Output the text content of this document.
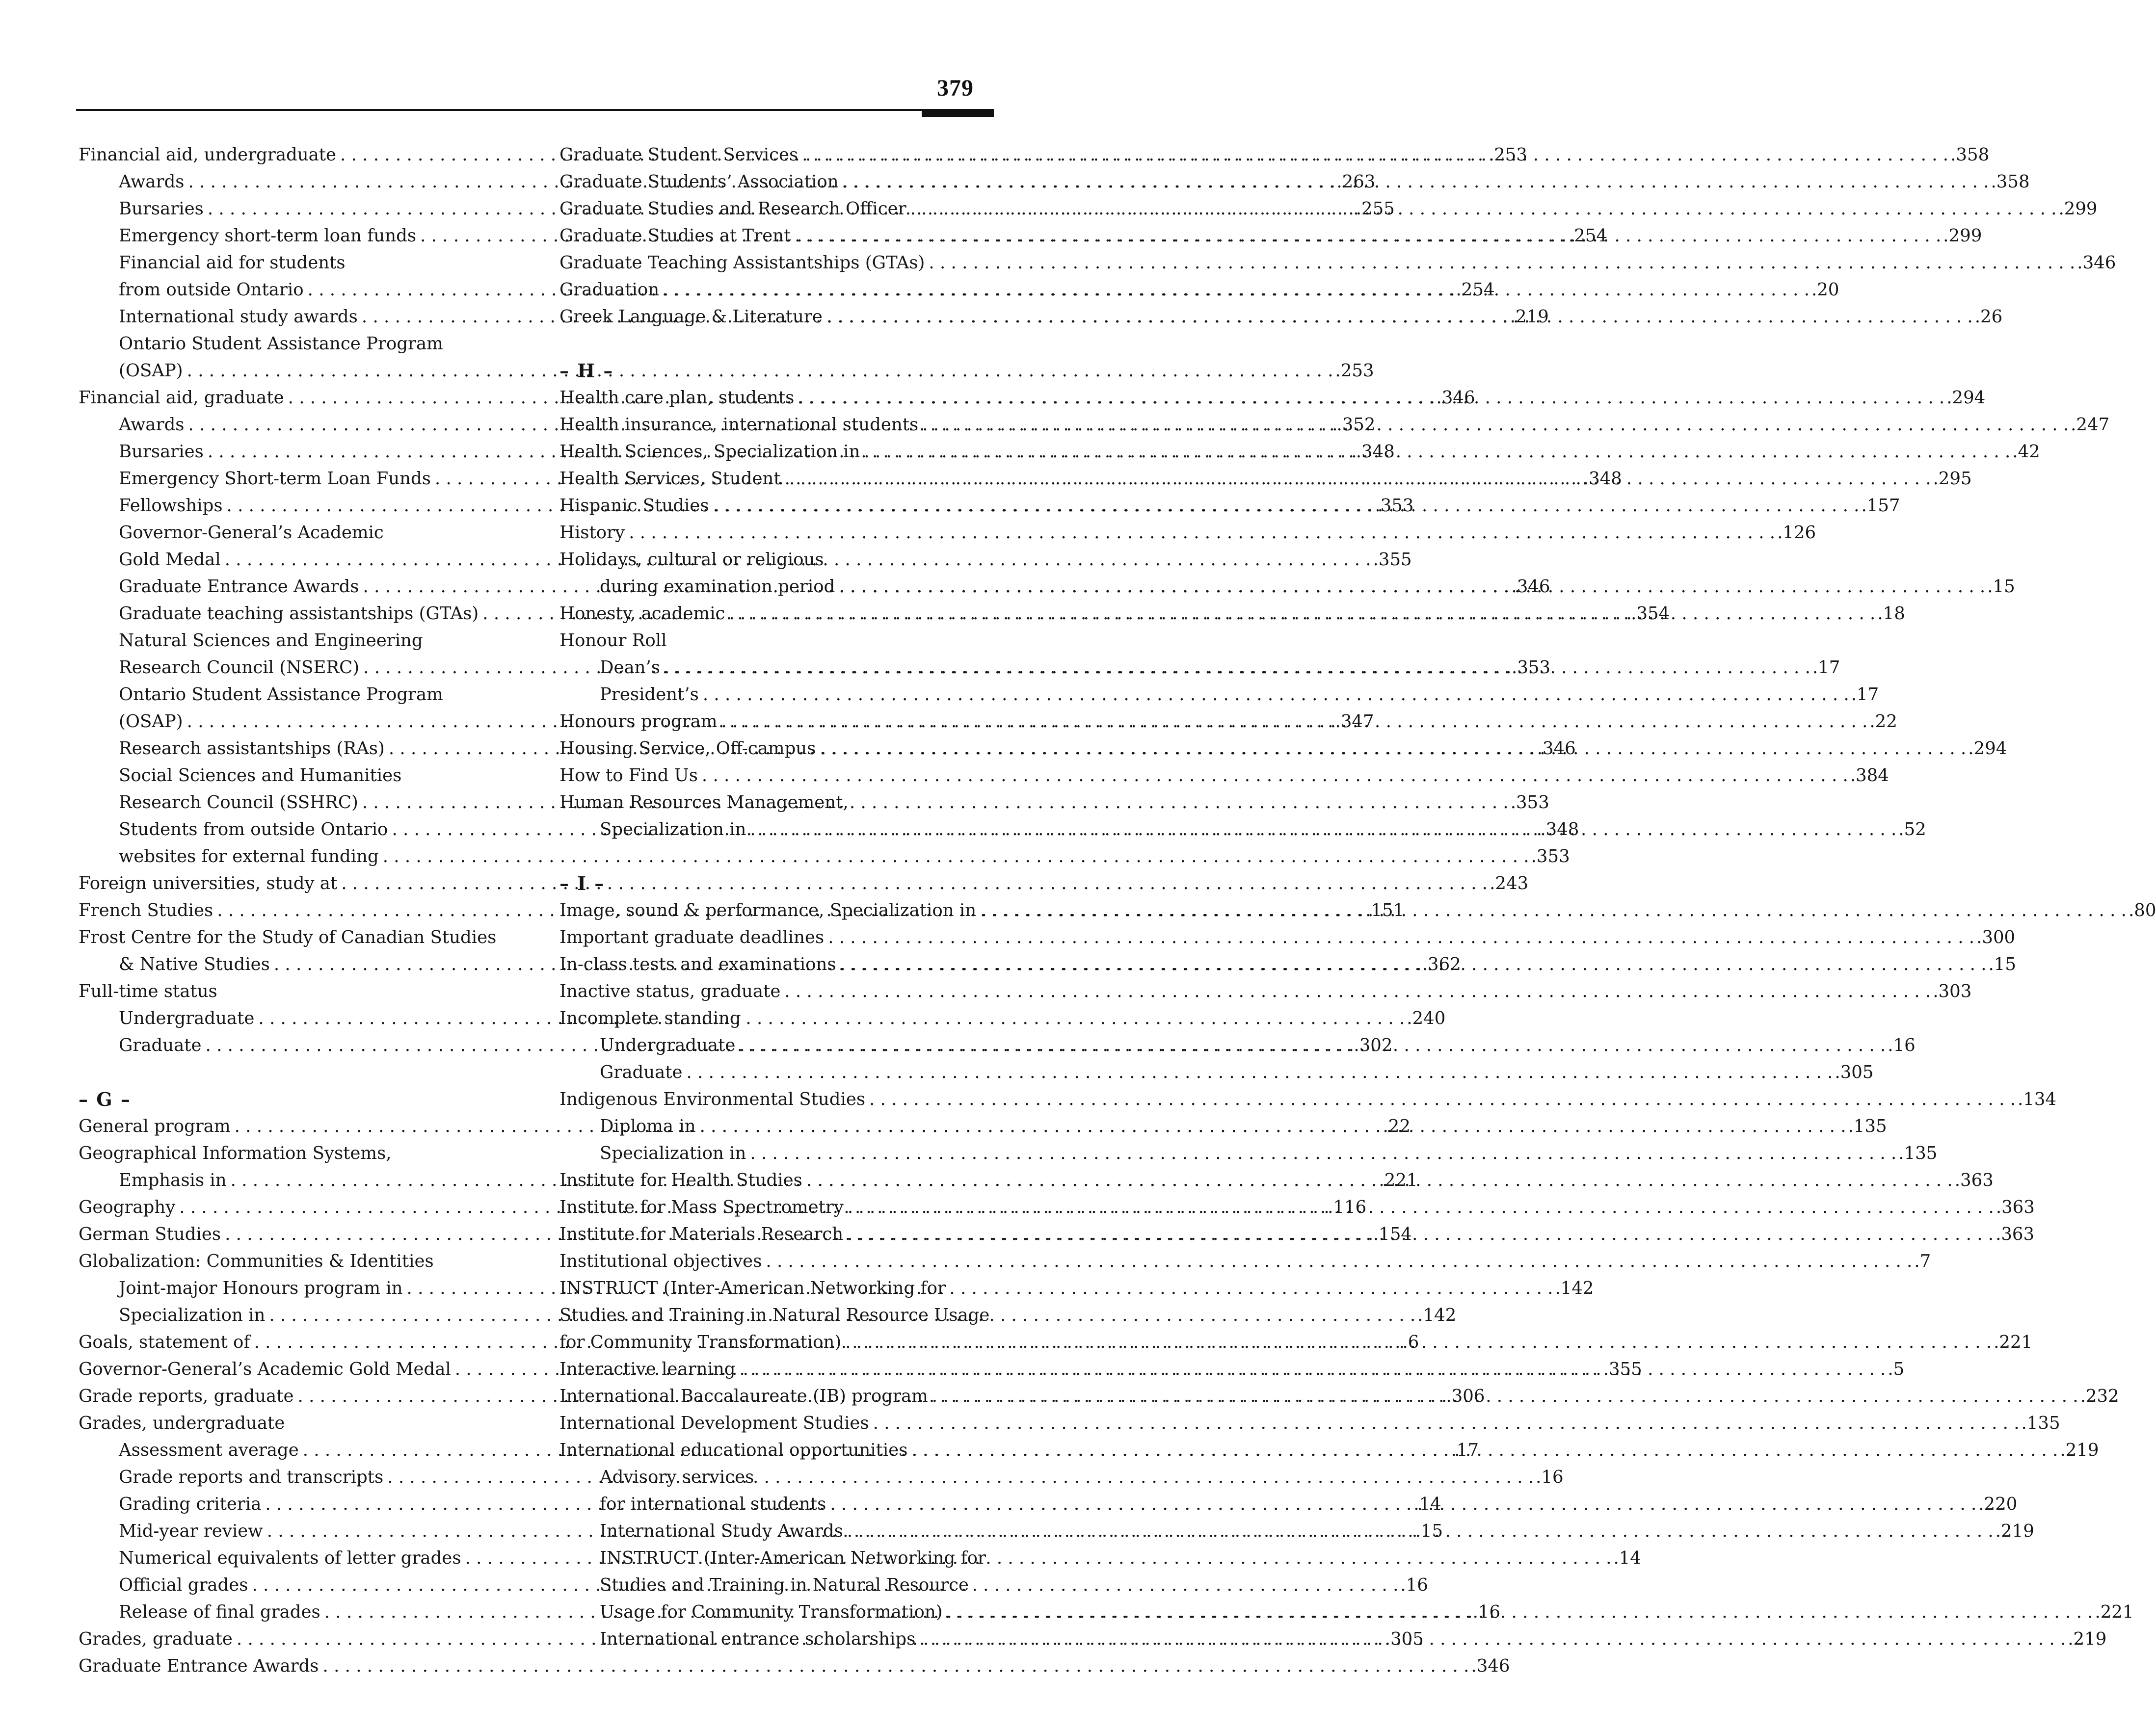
379
Financial aid, undergraduate . . .	.253
Awards . . .	.263
Bursaries . . .	.255
Emergency short-term loan funds . . .	.254
Financial aid for students
from outside Ontario . . .	.254
International study awards . . .	.219
Ontario Student Assistance Program
(OSAP) . . .	.253
Financial aid, graduate . . .	.346
Awards . . .	.352
Bursaries . . .	.348
Emergency Short-term Loan Funds . . .	.348
Fellowships . . .	.353
Governor-General’s Academic
Gold Medal . . .	.355
Graduate Entrance Awards . . .	.346
Graduate teaching assistantships (GTAs) . . .	.354
Natural Sciences and Engineering
Research Council (NSERC) . . .	.353
Ontario Student Assistance Program
(OSAP) . . .	.347
Research assistantships (RAs) . . .	.346
Social Sciences and Humanities
Research Council (SSHRC) . . .	.353
Students from outside Ontario . . .	.348
websites for external funding . . .	.353
Foreign universities, study at . . .	.243
French Studies . . .	.151
Frost Centre for the Study of Canadian Studies
& Native Studies . . .	.362
Full-time status
Undergraduate . . .	.240
Graduate . . .	.302
– G –
General program . . .	.22
Geographical Information Systems,
Emphasis in . . .	.221
Geography . . .	.116
German Studies . . .	.154
Globalization: Communities & Identities
Joint-major Honours program in . . .	.142
Specialization in . . .	.142
Goals, statement of . . .	.6
Governor-General’s Academic Gold Medal . . .	.355
Grade reports, graduate . . .	.306
Grades, undergraduate
Assessment average . . .	.17
Grade reports and transcripts . . .	.16
Grading criteria . . .	.14
Mid-year review . . .	.15
Numerical equivalents of letter grades . . .	.14
Official grades . . .	.16
Release of final grades . . .	.16
Grades, graduate . . .	.305
Graduate Entrance Awards . . .	.346
Graduate Student Services . . .	.358
Graduate Students’ Association . . .	.358
Graduate Studies and Research Officer . . .	.299
Graduate Studies at Trent . . .	.299
Graduate Teaching Assistantships (GTAs) . . .	.346
Graduation . . .	.20
Greek Language & Literature . . .	.26
– H –
Health care plan, students . . .	.294
Health insurance, international students . . .	.247
Health Sciences, Specialization in . . .	.42
Health Services, Student . . .	.295
Hispanic Studies . . .	.157
History . . .	.126
Holidays, cultural or religious
during examination period . . .	.15
Honesty, academic . . .	.18
Honour Roll
Dean’s . . .	.17
President’s . . .	.17
Honours program . . .	.22
Housing Service, Off-campus . . .	.294
How to Find Us . . .	.384
Human Resources Management,
Specialization in . . .	.52
– I –
Image, sound & performance, Specialization in . . .	.80
Important graduate deadlines . . .	.300
In-class tests and examinations . . .	.15
Inactive status, graduate . . .	.303
Incomplete standing
Undergraduate . . .	.16
Graduate . . .	.305
Indigenous Environmental Studies . . .	.134
Diploma in . . .	.135
Specialization in . . .	.135
Institute for Health Studies . . .	.363
Institute for Mass Spectrometry . . .	.363
Institute for Materials Research . . .	.363
Institutional objectives . . .	.7
INSTRUCT (Inter-American Networking for
Studies and Training in Natural Resource Usage
for Community Transformation) . . .	.221
Interactive learning . . .	.5
International Baccalaureate (IB) program . . .	.232
International Development Studies . . .	.135
International educational opportunities . . .	.219
Advisory services
for international students . . .	.220
International Study Awards . . .	.219
INSTRUCT (Inter-American Networking for
Studies and Training in Natural Resource
Usage for Community Transformation) . . .	.221
International entrance scholarships . . .	.219
